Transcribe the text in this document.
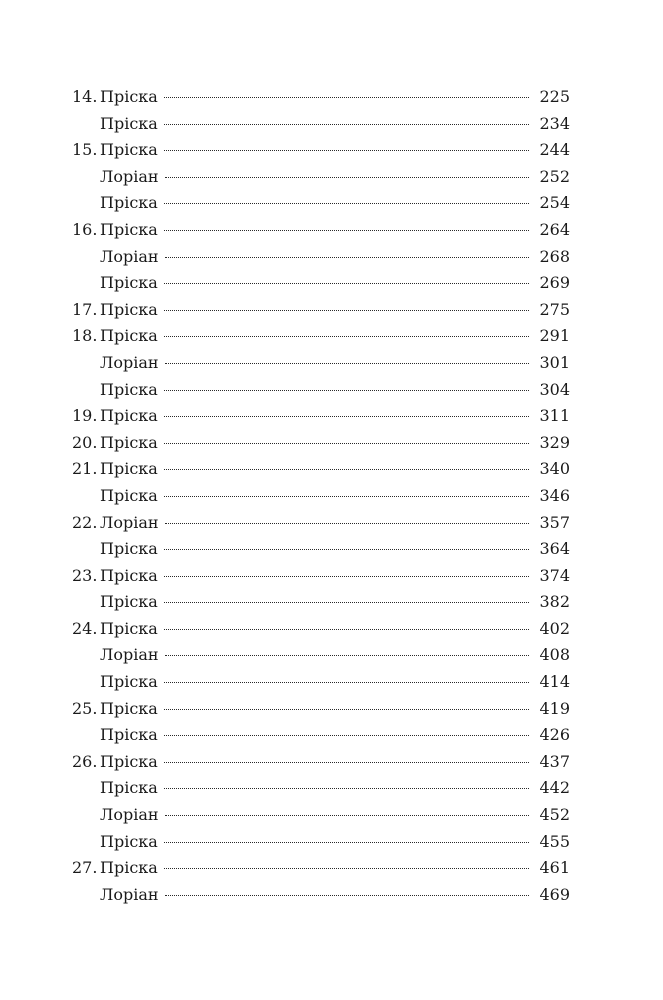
14. Пріска	225
Пріска	234
15. Пріска	244
Лоріан	252
Пріска	254
16. Пріска	264
Лоріан	268
Пріска	269
17. Пріска	275
18. Пріска	291
Лоріан	301
Пріска	304
19. Пріска	311
20. Пріска	329
21. Пріска	340
Пріска	346
22. Лоріан	357
Пріска	364
23. Пріска	374
Пріска	382
24. Пріска	402
Лоріан	408
Пріска	414
25. Пріска	419
Пріска	426
26. Пріска	437
Пріска	442
Лоріан	452
Пріска	455
27. Пріска	461
Лоріан	469
